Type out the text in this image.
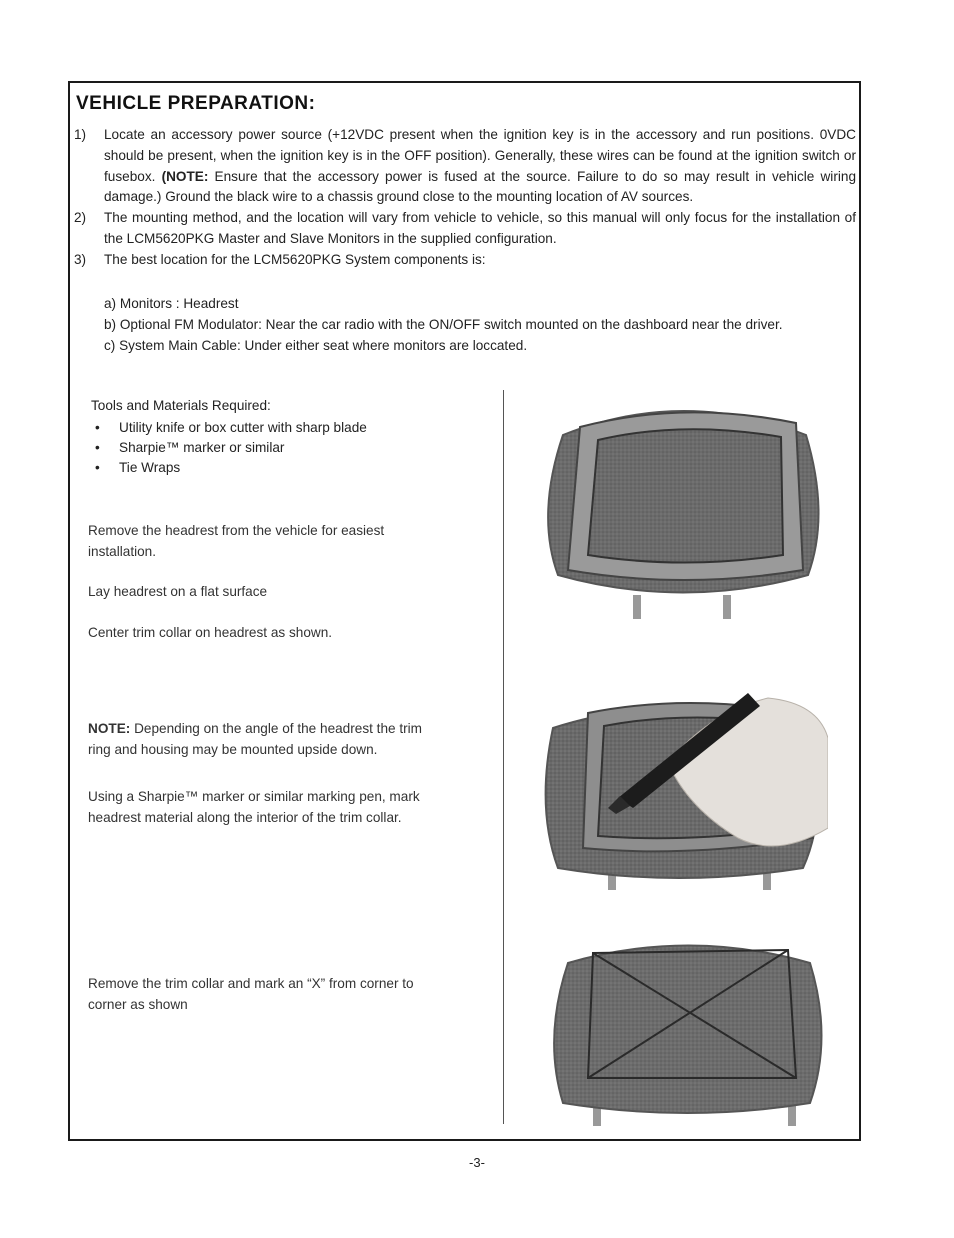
VEHICLE PREPARATION:
1) Locate an accessory power source (+12VDC present when the ignition key is in the accessory and run positions. 0VDC should be present, when the ignition key is in the OFF position). Generally, these wires can be found at the ignition switch or fusebox. (NOTE: Ensure that the accessory power is fused at the source. Failure to do so may result in vehicle wiring damage.) Ground the black wire to a chassis ground close to the mounting location of AV sources.
2) The mounting method, and the location will vary from vehicle to vehicle, so this manual will only focus for the installation of the LCM5620PKG Master and Slave Monitors in the supplied configuration.
3) The best location for the LCM5620PKG System components is:
a) Monitors : Headrest
b) Optional FM Modulator: Near the car radio with the ON/OFF switch mounted on the dashboard near the driver.
c) System Main Cable: Under either seat where monitors are loccated.
Tools and Materials Required:
• Utility knife or box cutter with sharp blade
• Sharpie™ marker or similar
• Tie Wraps
Remove the headrest from the vehicle for easiest installation.
Lay headrest on a flat surface
Center trim collar on headrest as shown.
NOTE: Depending on the angle of the headrest the trim ring and housing may be mounted upside down.
Using a Sharpie™ marker or similar marking pen, mark headrest material along the interior of the trim collar.
Remove the trim collar and mark an “X” from corner to corner as shown
-3-
